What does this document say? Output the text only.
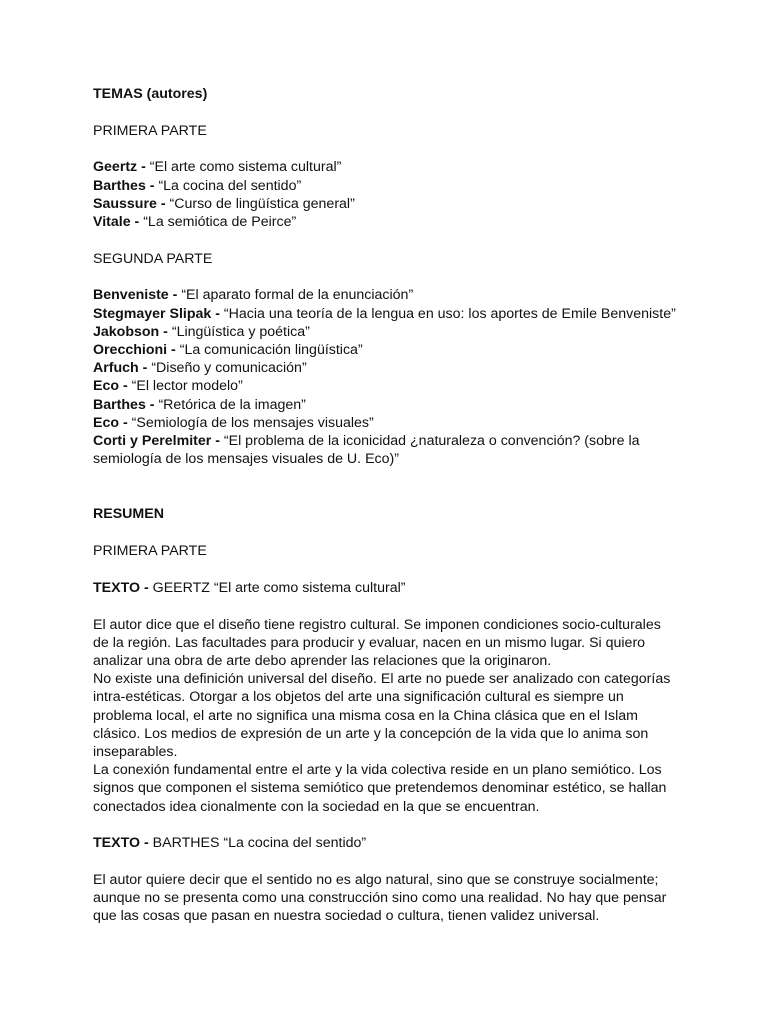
TEMAS (autores)

PRIMERA PARTE

Geertz - “El arte como sistema cultural”

Barthes - “La cocina del sentido”

Saussure - “Curso de lingüística general”

Vitale - “La semiótica de Peirce”

SEGUNDA PARTE

Benveniste - “El aparato formal de la enunciación”

Stegmayer Slipak - “Hacia una teoría de la lengua en uso: los aportes de Emile Benveniste”

Jakobson - “Lingüística y poética”

Orecchioni - “La comunicación lingüística”

Arfuch - “Diseño y comunicación”

Eco - “El lector modelo”

Barthes - “Retórica de la imagen”

Eco - “Semiología de los mensajes visuales”

Corti y Perelmiter - “El problema de la iconicidad ¿naturaleza o convención? (sobre la semiología de los mensajes visuales de U. Eco)”

RESUMEN

PRIMERA PARTE

TEXTO - GEERTZ “El arte como sistema cultural”

El autor dice que el diseño tiene registro cultural. Se imponen condiciones socio-culturales

de la región. Las facultades para producir y evaluar, nacen en un mismo lugar. Si quiero

analizar una obra de arte debo aprender las relaciones que la originaron.

No existe una definición universal del diseño. El arte no puede ser analizado con categorías

intra-estéticas. Otorgar a los objetos del arte una significación cultural es siempre un

problema local, el arte no significa una misma cosa en la China clásica que en el Islam

clásico. Los medios de expresión de un arte y la concepción de la vida que lo anima son

inseparables.

La conexión fundamental entre el arte y la vida colectiva reside en un plano semiótico. Los

signos que componen el sistema semiótico que pretendemos denominar estético, se hallan

conectados idea cionalmente con la sociedad en la que se encuentran.

TEXTO - BARTHES “La cocina del sentido”

El autor quiere decir que el sentido no es algo natural, sino que se construye socialmente;

aunque no se presenta como una construcción sino como una realidad. No hay que pensar

que las cosas que pasan en nuestra sociedad o cultura, tienen validez universal.
